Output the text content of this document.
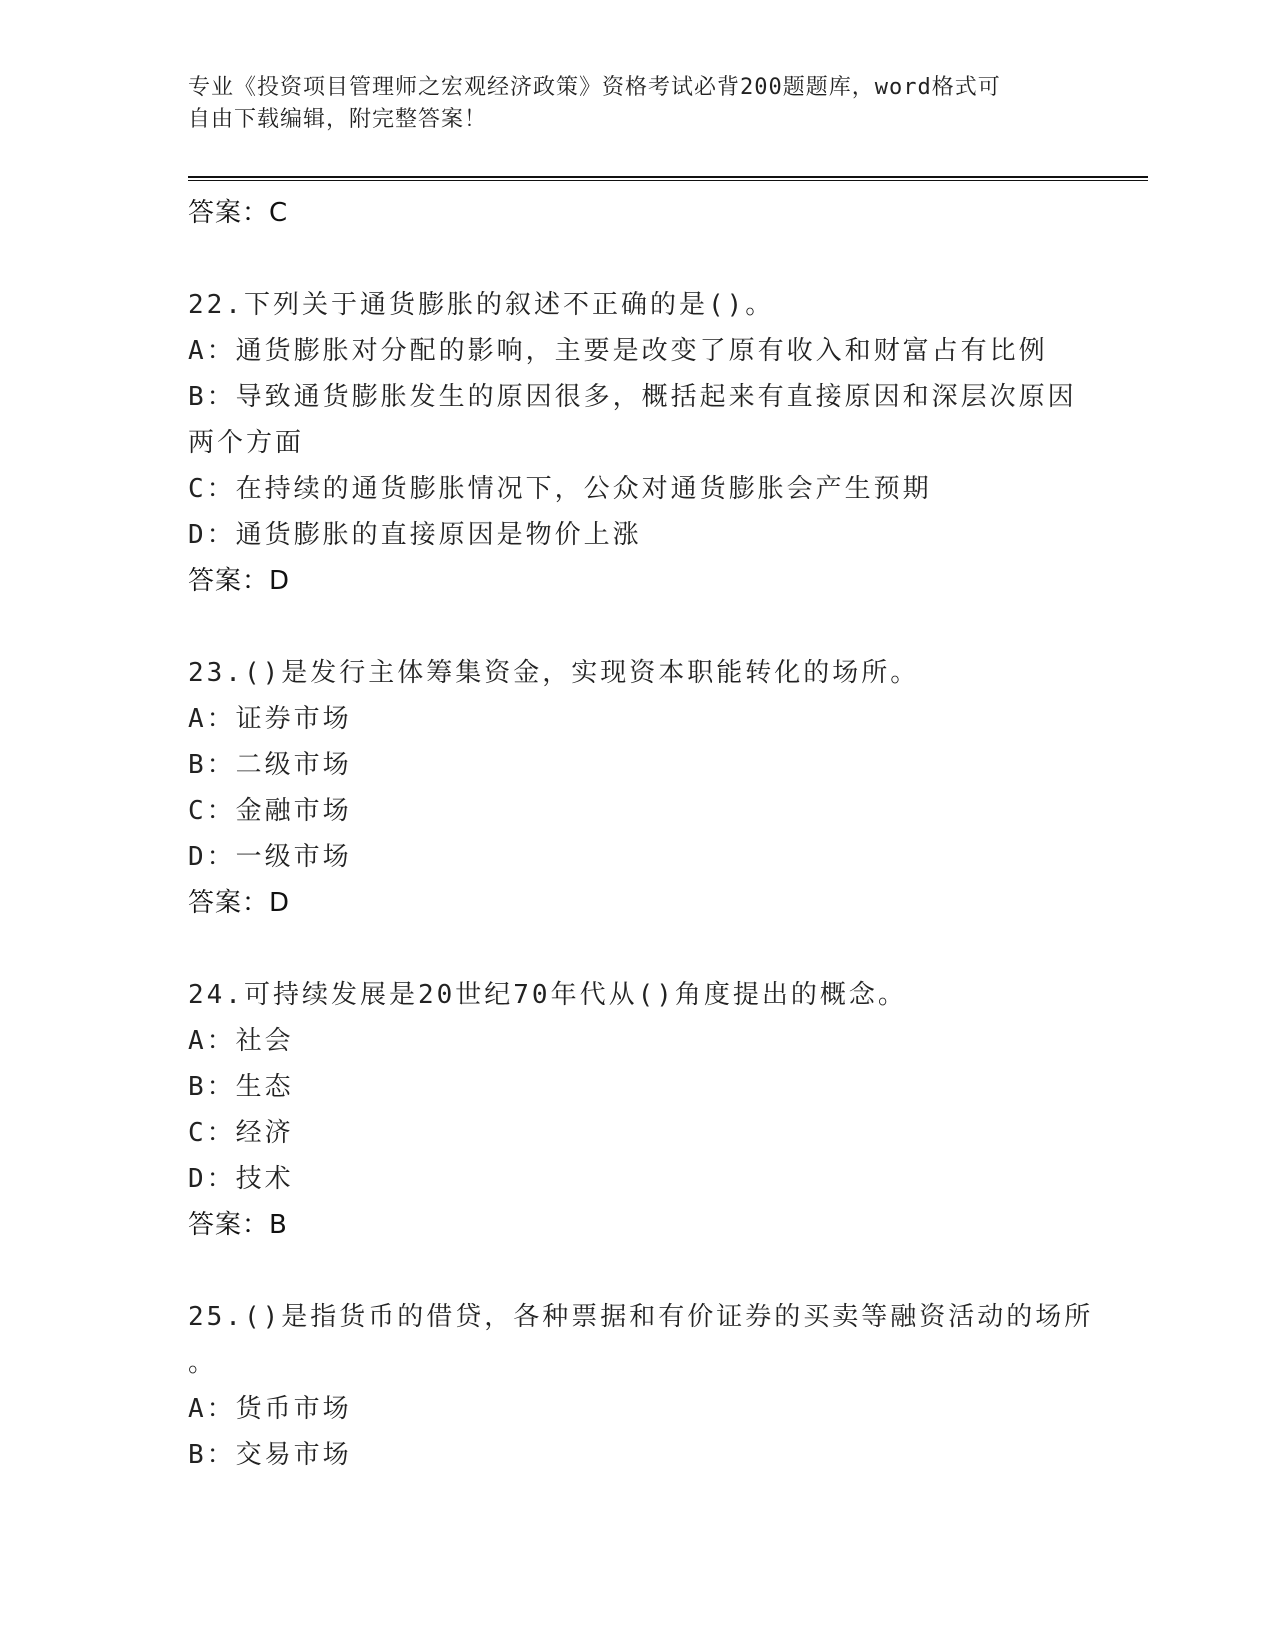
专业《投资项目管理师之宏观经济政策》资格考试必背200题题库，word格式可
自由下载编辑，附完整答案！
答案：C
22.下列关于通货膨胀的叙述不正确的是()。
A：通货膨胀对分配的影响，主要是改变了原有收入和财富占有比例
B：导致通货膨胀发生的原因很多，概括起来有直接原因和深层次原因
两个方面
C：在持续的通货膨胀情况下，公众对通货膨胀会产生预期
D：通货膨胀的直接原因是物价上涨
答案：D
23.()是发行主体筹集资金，实现资本职能转化的场所。
A：证券市场
B：二级市场
C：金融市场
D：一级市场
答案：D
24.可持续发展是20世纪70年代从()角度提出的概念。
A：社会
B：生态
C：经济
D：技术
答案：B
25.()是指货币的借贷，各种票据和有价证券的买卖等融资活动的场所
。
A：货币市场
B：交易市场
